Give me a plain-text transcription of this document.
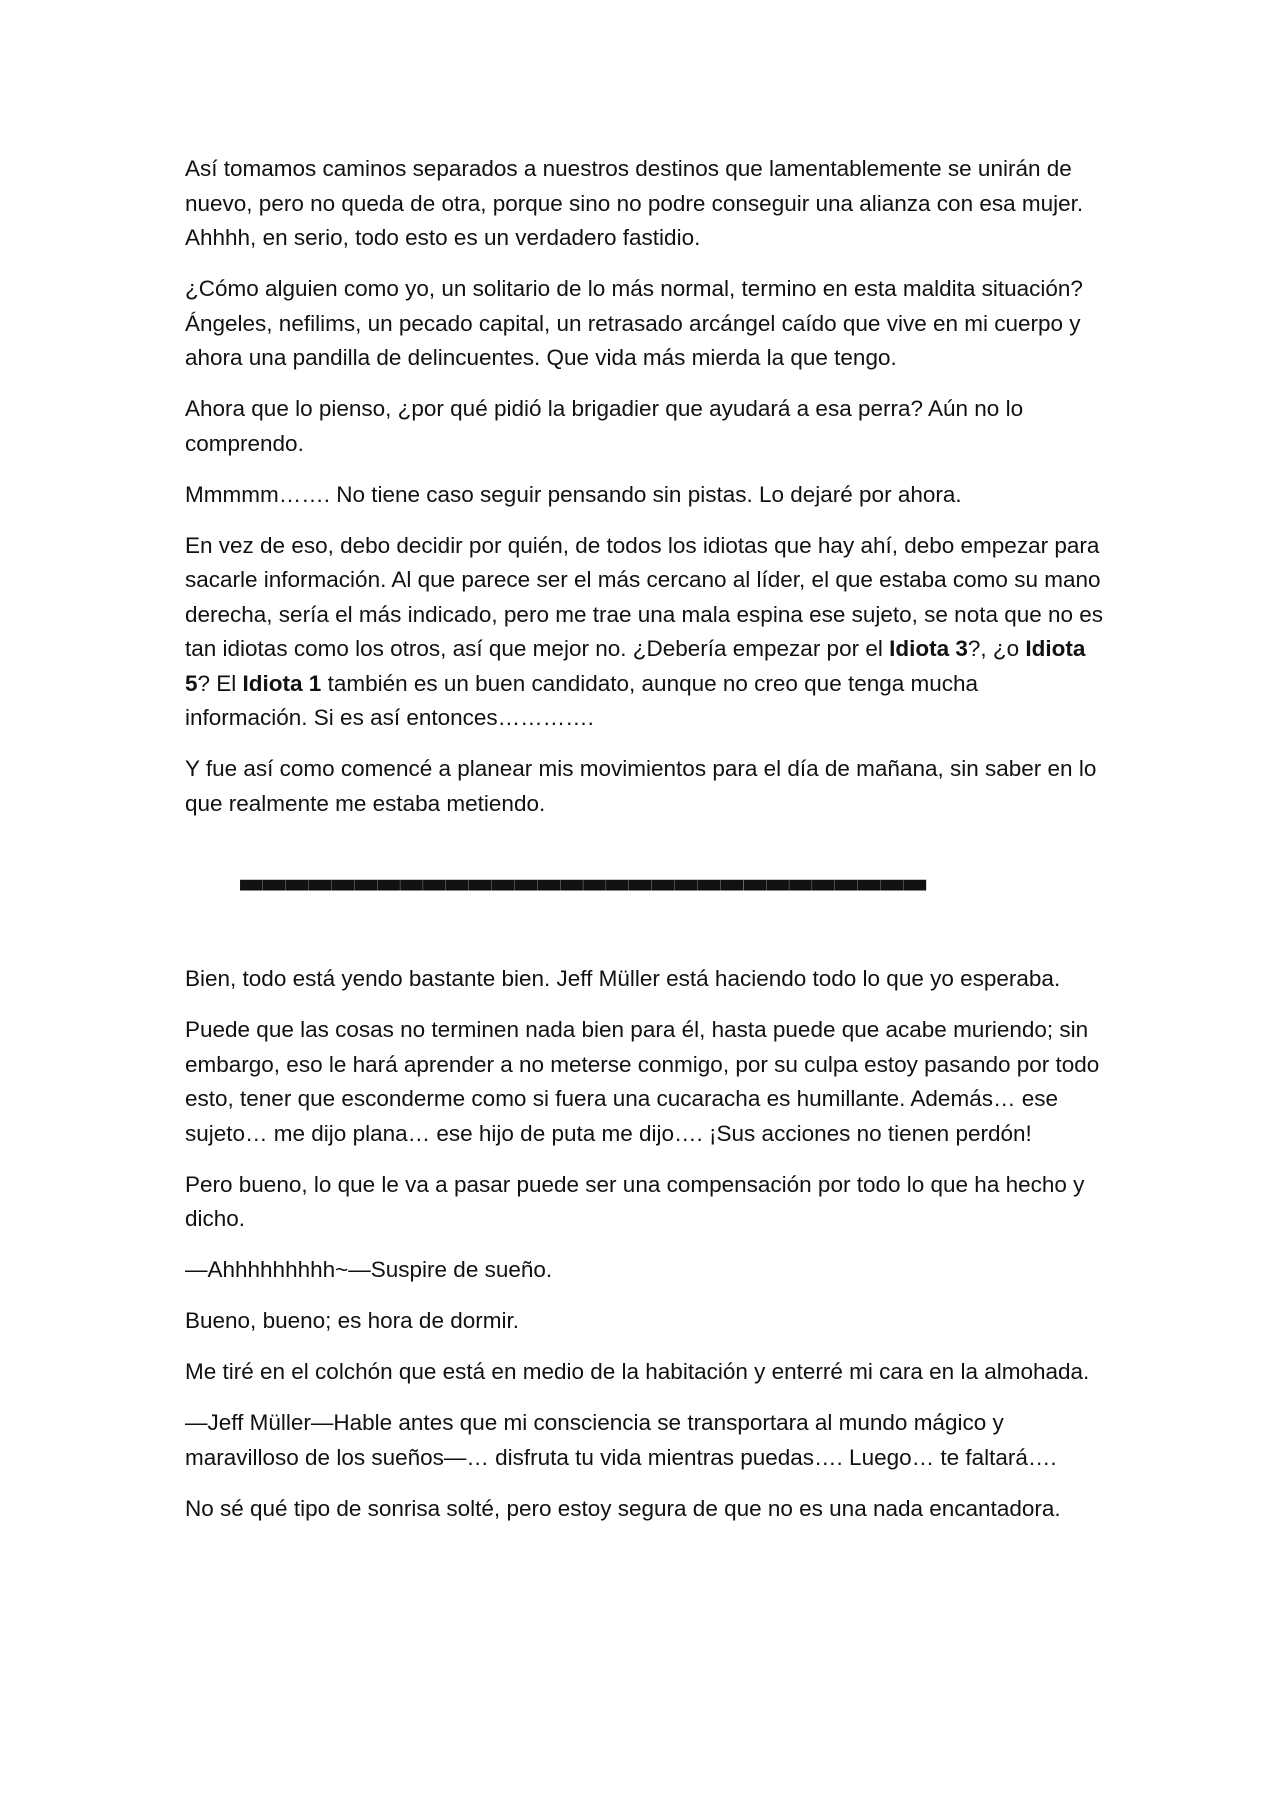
Así tomamos caminos separados a nuestros destinos que lamentablemente se unirán de nuevo, pero no queda de otra, porque sino no podre conseguir una alianza con esa mujer. Ahhhh, en serio, todo esto es un verdadero fastidio.

¿Cómo alguien como yo, un solitario de lo más normal, termino en esta maldita situación? Ángeles, nefilims, un pecado capital, un retrasado arcángel caído que vive en mi cuerpo y ahora una pandilla de delincuentes. Que vida más mierda la que tengo.

Ahora que lo pienso, ¿por qué pidió la brigadier que ayudará a esa perra? Aún no lo comprendo.

Mmmmm……. No tiene caso seguir pensando sin pistas. Lo dejaré por ahora.

En vez de eso, debo decidir por quién, de todos los idiotas que hay ahí, debo empezar para sacarle información. Al que parece ser el más cercano al líder, el que estaba como su mano derecha, sería el más indicado, pero me trae una mala espina ese sujeto, se nota que no es tan idiotas como los otros, así que mejor no. ¿Debería empezar por el Idiota 3?, ¿o Idiota 5? El Idiota 1 también es un buen candidato, aunque no creo que tenga mucha información. Si es así entonces………….

Y fue así como comencé a planear mis movimientos para el día de mañana, sin saber en lo que realmente me estaba metiendo.

▬▬▬▬▬▬▬▬▬▬▬▬▬▬▬▬▬▬▬▬▬▬▬▬▬▬▬▬▬▬

Bien, todo está yendo bastante bien. Jeff Müller está haciendo todo lo que yo esperaba.

Puede que las cosas no terminen nada bien para él, hasta puede que acabe muriendo; sin embargo, eso le hará aprender a no meterse conmigo, por su culpa estoy pasando por todo esto, tener que esconderme como si fuera una cucaracha es humillante. Además… ese sujeto… me dijo plana… ese hijo de puta me dijo…. ¡Sus acciones no tienen perdón!

Pero bueno, lo que le va a pasar puede ser una compensación por todo lo que ha hecho y dicho.

—Ahhhhhhhhh~—Suspire de sueño.

Bueno, bueno; es hora de dormir.

Me tiré en el colchón que está en medio de la habitación y enterré mi cara en la almohada.

—Jeff Müller—Hable antes que mi consciencia se transportara al mundo mágico y maravilloso de los sueños—… disfruta tu vida mientras puedas…. Luego… te faltará….

No sé qué tipo de sonrisa solté, pero estoy segura de que no es una nada encantadora.
